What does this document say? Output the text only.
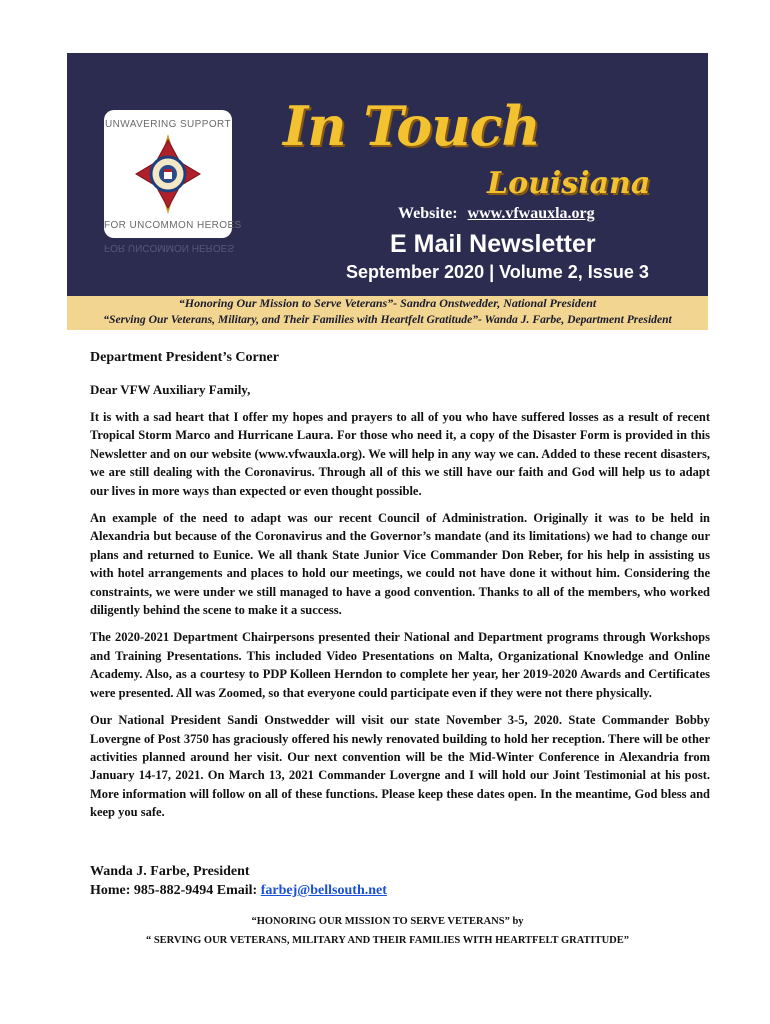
UNWAVERING SUPPORT
FOR UNCOMMON HEROES
FOR UNCOMMON HEROES
In Touch
Louisiana
Website: www.vfwauxla.org
E Mail Newsletter
September 2020 | Volume 2, Issue 3
“Honoring Our Mission to Serve Veterans”- Sandra Onstwedder, National President
“Serving Our Veterans, Military, and Their Families with Heartfelt Gratitude”- Wanda J. Farbe, Department President
Department President’s Corner
Dear VFW Auxiliary Family,

It is with a sad heart that I offer my hopes and prayers to all of you who have suffered losses as a result of recent Tropical Storm Marco and Hurricane Laura. For those who need it, a copy of the Disaster Form is provided in this Newsletter and on our website (www.vfwauxla.org). We will help in any way we can. Added to these recent disasters, we are still dealing with the Coronavirus. Through all of this we still have our faith and God will help us to adapt our lives in more ways than expected or even thought possible.

An example of the need to adapt was our recent Council of Administration. Originally it was to be held in Alexandria but because of the Coronavirus and the Governor’s mandate (and its limitations) we had to change our plans and returned to Eunice. We all thank State Junior Vice Commander Don Reber, for his help in assisting us with hotel arrangements and places to hold our meetings, we could not have done it without him. Considering the constraints, we were under we still managed to have a good convention. Thanks to all of the members, who worked diligently behind the scene to make it a success.

The 2020-2021 Department Chairpersons presented their National and Department programs through Workshops and Training Presentations. This included Video Presentations on Malta, Organizational Knowledge and Online Academy. Also, as a courtesy to PDP Kolleen Herndon to complete her year, her 2019-2020 Awards and Certificates were presented. All was Zoomed, so that everyone could participate even if they were not there physically.

Our National President Sandi Onstwedder will visit our state November 3-5, 2020. State Commander Bobby Lovergne of Post 3750 has graciously offered his newly renovated building to hold her reception. There will be other activities planned around her visit. Our next convention will be the Mid-Winter Conference in Alexandria from January 14-17, 2021. On March 13, 2021 Commander Lovergne and I will hold our Joint Testimonial at his post. More information will follow on all of these functions. Please keep these dates open. In the meantime, God bless and keep you safe.

Wanda J. Farbe, President
Home: 985-882-9494 Email: farbej@bellsouth.net
“HONORING OUR MISSION TO SERVE VETERANS” by
“ SERVING OUR VETERANS, MILITARY AND THEIR FAMILIES WITH HEARTFELT GRATITUDE”
